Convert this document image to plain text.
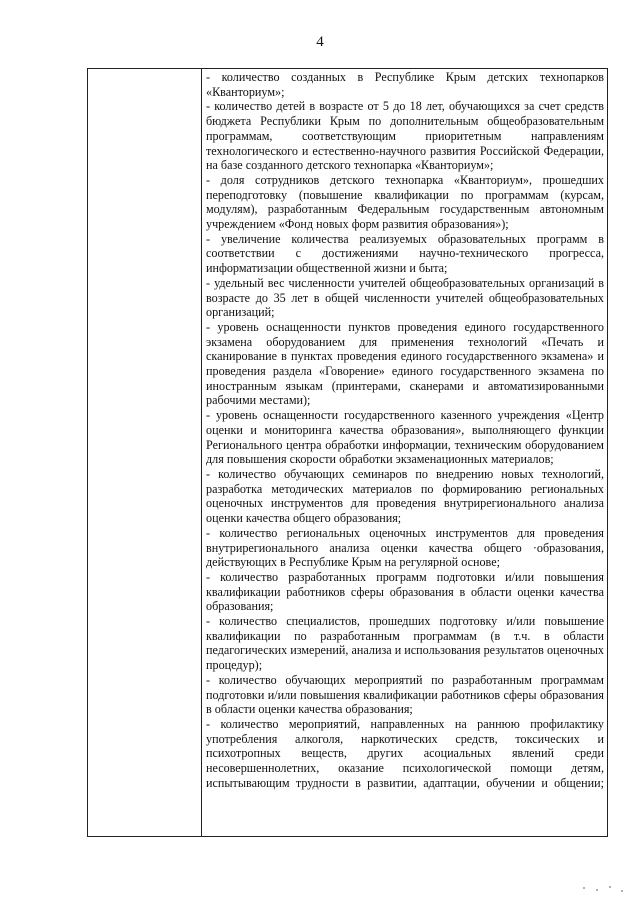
4

- количество созданных в Республике Крым детских технопарков «Кванториум»;

- количество детей в возрасте от 5 до 18 лет, обучающихся за счет средств бюджета Республики Крым по дополнительным общеобразовательным программам, соответствующим приоритетным направлениям технологического и естественно-научного развития Российской Федерации, на базе созданного детского технопарка «Кванториум»;

- доля сотрудников детского технопарка «Кванториум», прошедших переподготовку (повышение квалификации по программам (курсам, модулям), разработанным Федеральным государственным автономным учреждением «Фонд новых форм развития образования»);

- увеличение количества реализуемых образовательных программ в соответствии с достижениями научно-технического прогресса, информатизации общественной жизни и быта;

- удельный вес численности учителей общеобразовательных организаций в возрасте до 35 лет в общей численности учителей общеобразовательных организаций;

- уровень оснащенности пунктов проведения единого государственного экзамена оборудованием для применения технологий «Печать и сканирование в пунктах проведения единого государственного экзамена» и проведения раздела «Говорение» единого государственного экзамена по иностранным языкам (принтерами, сканерами и автоматизированными рабочими местами);

- уровень оснащенности государственного казенного учреждения «Центр оценки и мониторинга качества образования», выполняющего функции Регионального центра обработки информации, техническим оборудованием для повышения скорости обработки экзаменационных материалов;

- количество обучающих семинаров по внедрению новых технологий, разработка методических материалов по формированию региональных оценочных инструментов для проведения внутрирегионального анализа оценки качества общего образования;

- количество региональных оценочных инструментов для проведения внутрирегионального анализа оценки качества общего ·образования, действующих в Республике Крым на регулярной основе;

- количество разработанных программ подготовки и/или повышения квалификации работников сферы образования в области оценки качества образования;

- количество специалистов, прошедших подготовку и/или повышение квалификации по разработанным программам (в т.ч. в области педагогических измерений, анализа и использования результатов оценочных процедур);

- количество обучающих мероприятий по разработанным программам подготовки и/или повышения квалификации работников сферы образования в области оценки качества образования;

- количество мероприятий, направленных на раннюю профилактику употребления алкоголя, наркотических средств, токсических и психотропных веществ, других асоциальных явлений среди несовершеннолетних, оказание психологической помощи детям, испытывающим трудности в развитии, адаптации, обучении и общении;
